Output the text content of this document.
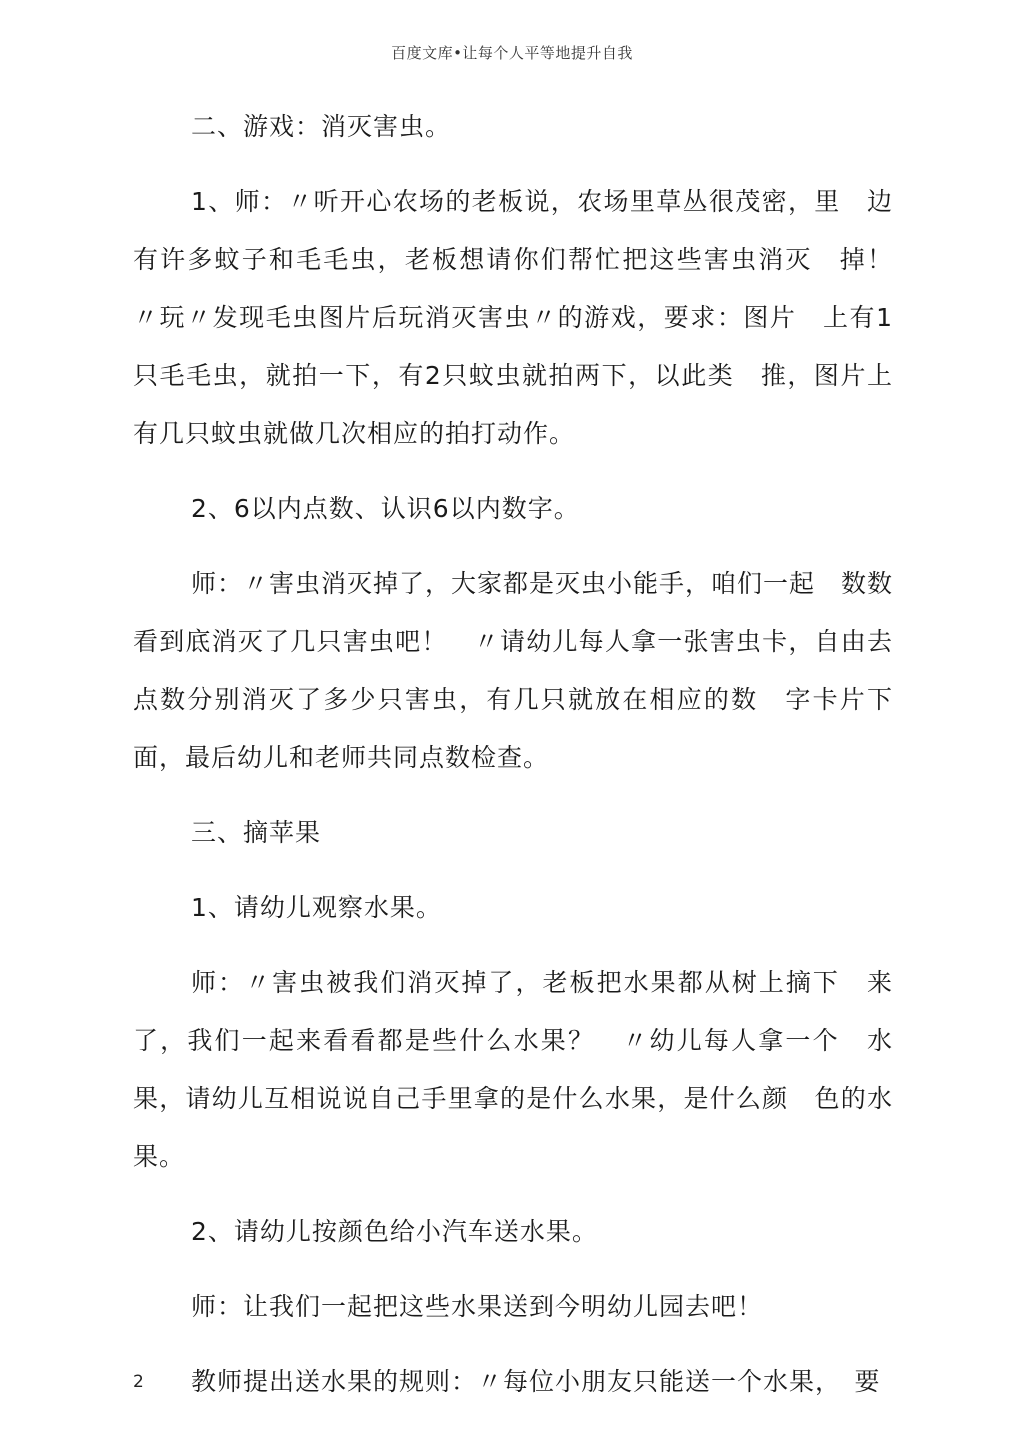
百度文库•让每个人平等地提升自我

二、游戏：消灭害虫。

1、师：〃听开心农场的老板说，农场里草丛很茂密，里　边有许多蚊子和毛毛虫，老板想请你们帮忙把这些害虫消灭　掉！　〃玩〃发现毛虫图片后玩消灭害虫〃的游戏，要求：图片　上有1只毛毛虫，就拍一下，有2只蚊虫就拍两下，以此类　推，图片上有几只蚊虫就做几次相应的拍打动作。

2、6以内点数、认识6以内数字。

师：〃害虫消灭掉了，大家都是灭虫小能手，咱们一起　数数看到底消灭了几只害虫吧！　〃请幼儿每人拿一张害虫卡，自由去点数分别消灭了多少只害虫，有几只就放在相应的数　字卡片下面，最后幼儿和老师共同点数检查。

三、摘苹果

1、请幼儿观察水果。

师：〃害虫被我们消灭掉了，老板把水果都从树上摘下　来了，我们一起来看看都是些什么水果？　〃幼儿每人拿一个　水果，请幼儿互相说说自己手里拿的是什么水果，是什么颜　色的水果。

2、请幼儿按颜色给小汽车送水果。

师：让我们一起把这些水果送到今明幼儿园去吧！

教师提出送水果的规则：〃每位小朋友只能送一个水果，　要

2
